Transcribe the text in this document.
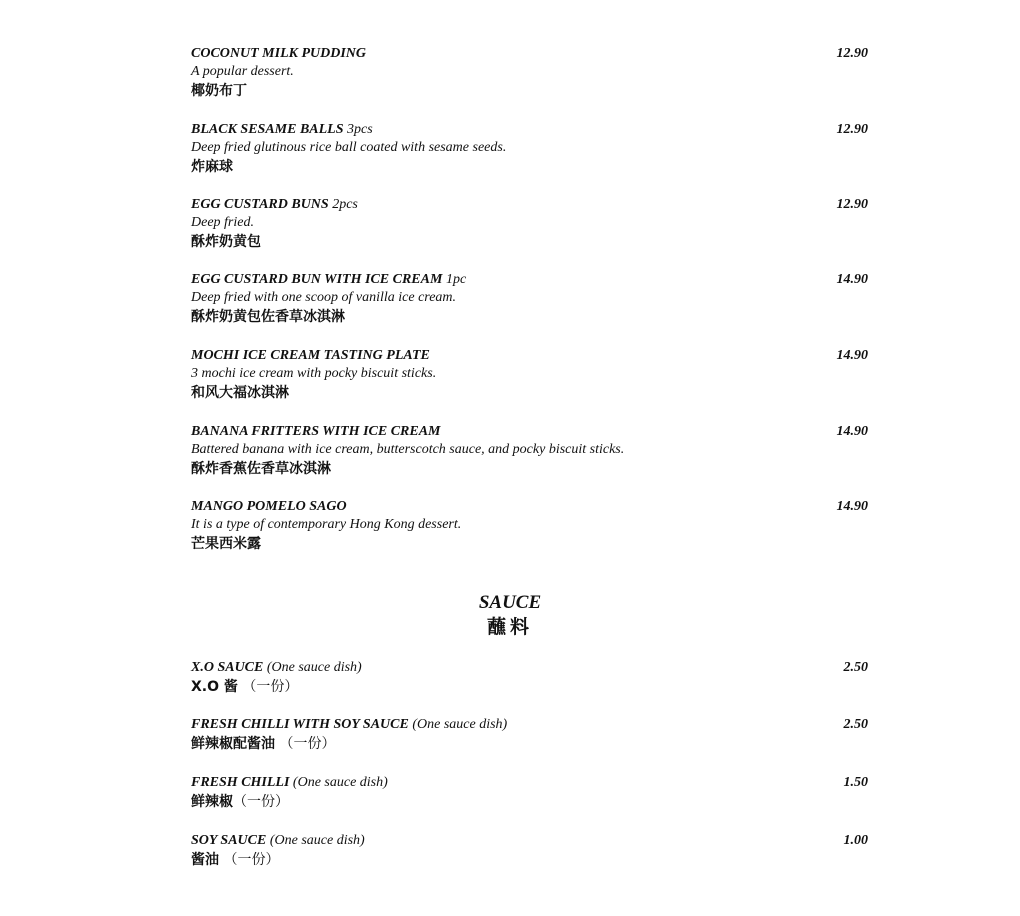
COCONUT MILK PUDDING	12.90
A popular dessert.
椰奶布丁
BLACK SESAME BALLS 3pcs	12.90
Deep fried glutinous rice ball coated with sesame seeds.
炸麻球
EGG CUSTARD BUNS 2pcs	12.90
Deep fried.
酥炸奶黄包
EGG CUSTARD BUN WITH ICE CREAM 1pc	14.90
Deep fried with one scoop of vanilla ice cream.
酥炸奶黄包佐香草冰淇淋
MOCHI ICE CREAM TASTING PLATE	14.90
3 mochi ice cream with pocky biscuit sticks.
和风大福冰淇淋
BANANA FRITTERS WITH ICE CREAM	14.90
Battered banana with ice cream, butterscotch sauce, and pocky biscuit sticks.
酥炸香蕉佐香草冰淇淋
MANGO POMELO SAGO	14.90
It is a type of contemporary Hong Kong dessert.
芒果西米露
SAUCE
蘸料
X.O SAUCE (One sauce dish)	2.50
X.O 酱 （一份）
FRESH CHILLI WITH SOY SAUCE (One sauce dish)	2.50
鲜辣椒配酱油 （一份）
FRESH CHILLI (One sauce dish)	1.50
鲜辣椒（一份）
SOY SAUCE (One sauce dish)	1.00
酱油 （一份）
